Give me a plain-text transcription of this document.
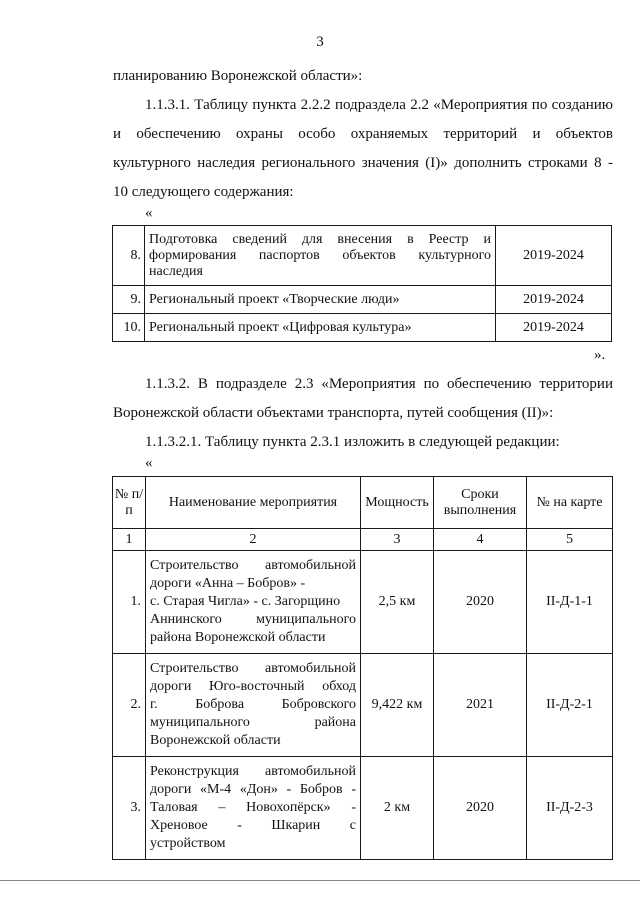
3

планированию Воронежской области»:

1.1.3.1. Таблицу пункта 2.2.2 подраздела 2.2 «Мероприятия по созданию

и обеспечению охраны особо охраняемых территорий и объектов

культурного наследия регионального значения (I)» дополнить строками 8 -

10 следующего содержания:

«
8.	Подготовка сведений для внесения в Реестр и
формирования паспортов объектов культурного
наследия	2019-2024
9.	Региональный проект «Творческие люди»	2019-2024
10.	Региональный проект «Цифровая культура»	2019-2024
».

1.1.3.2. В подразделе 2.3 «Мероприятия по обеспечению территории

Воронежской области объектами транспорта, путей сообщения (II)»:

1.1.3.2.1. Таблицу пункта 2.3.1 изложить в следующей редакции:

«
№ п/п	Наименование мероприятия	Мощность	Сроки выполнения	№ на карте
1	2	3	4	5
1.	Строительство автомобильной
дороги «Анна – Бобров» -
с. Старая Чигла» - с. Загорщино
Аннинского муниципального
района Воронежской области	2,5 км	2020	II-Д-1-1
2.	Строительство автомобильной
дороги Юго-восточный обход
г. Боброва Бобровского
муниципального района
Воронежской области	9,422 км	2021	II-Д-2-1
3.	Реконструкция автомобильной
дороги «М-4 «Дон» - Бобров -
Таловая – Новохопёрск» -
Хреновое - Шкарин с
устройством	2 км	2020	II-Д-2-3
